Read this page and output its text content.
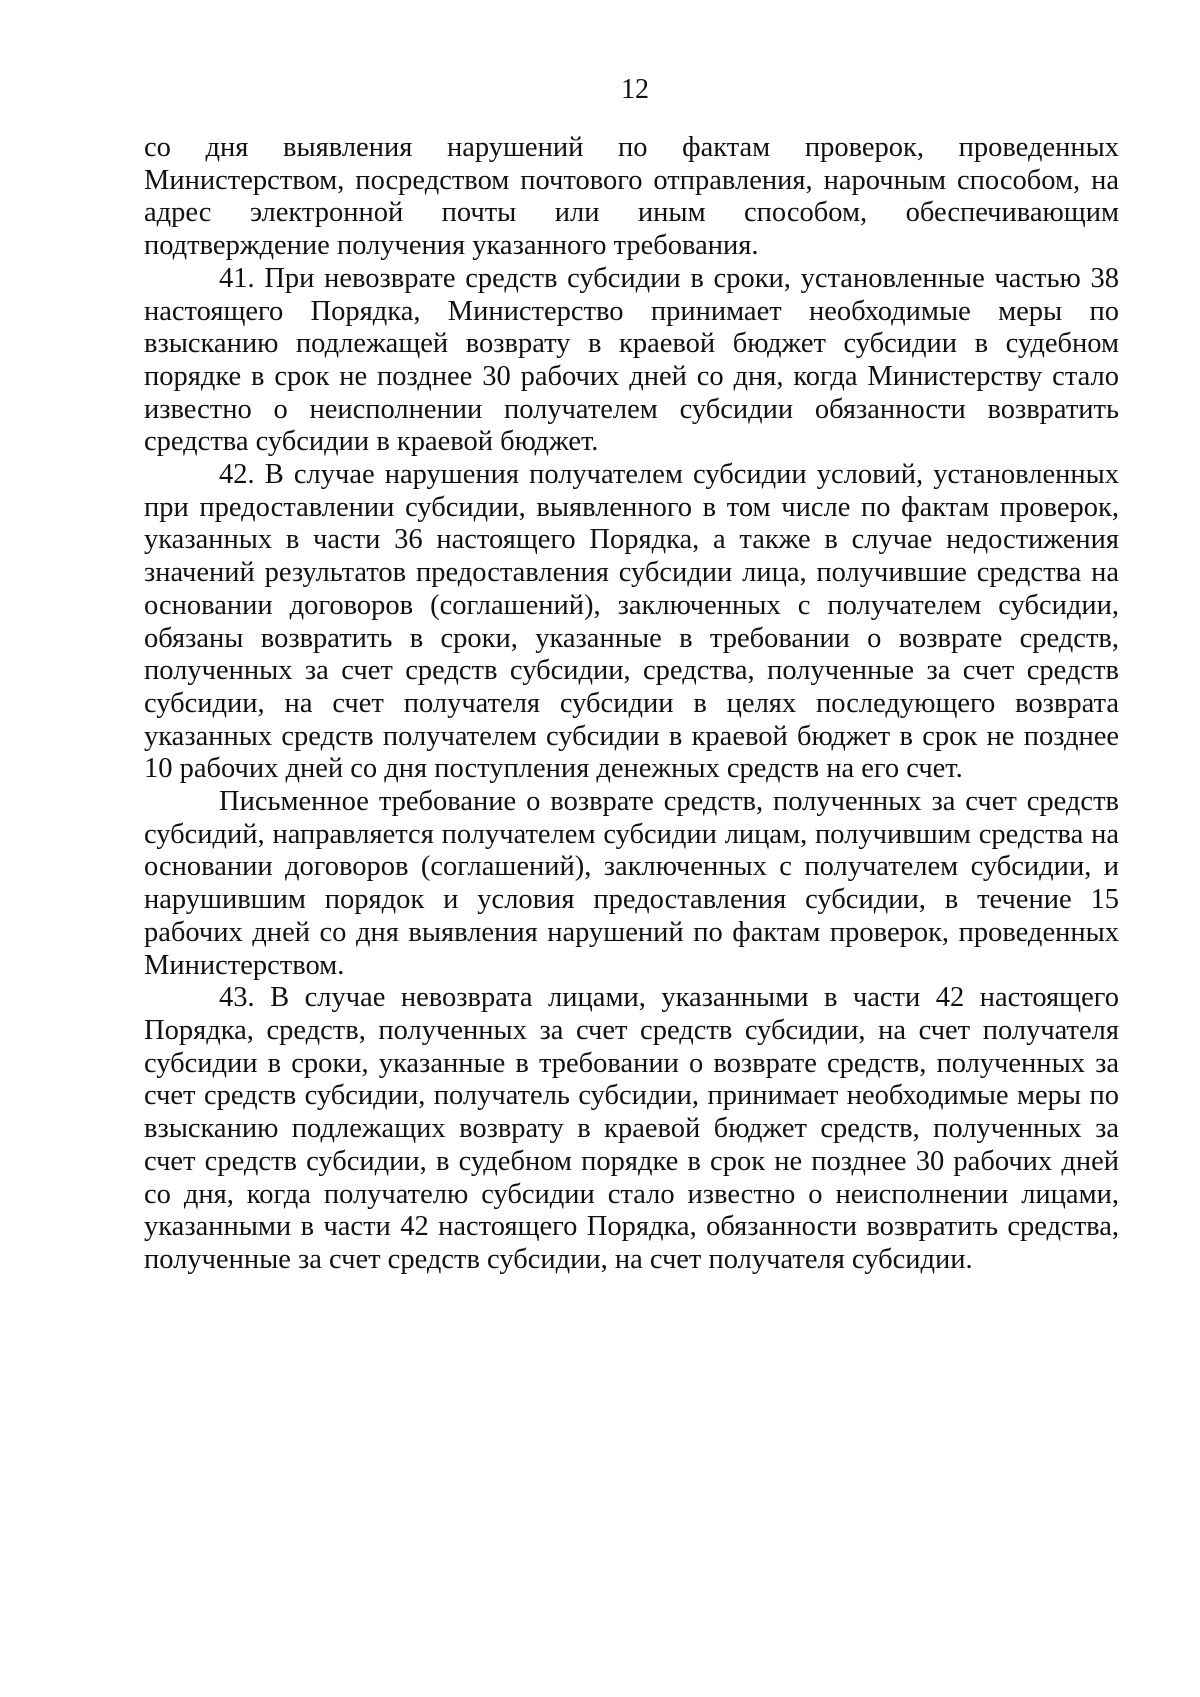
12

со дня выявления нарушений по фактам проверок, проведенных Министерством, посредством почтового отправления, нарочным способом, на адрес электронной почты или иным способом, обеспечивающим подтверждение получения указанного требования.

41. При невозврате средств субсидии в сроки, установленные частью 38 настоящего Порядка, Министерство принимает необходимые меры по взысканию подлежащей возврату в краевой бюджет субсидии в судебном порядке в срок не позднее 30 рабочих дней со дня, когда Министерству стало известно о неисполнении получателем субсидии обязанности возвратить средства субсидии в краевой бюджет.

42. В случае нарушения получателем субсидии условий, установленных при предоставлении субсидии, выявленного в том числе по фактам проверок, указанных в части 36 настоящего Порядка, а также в случае недостижения значений результатов предоставления субсидии лица, получившие средства на основании договоров (соглашений), заключенных с получателем субсидии, обязаны возвратить в сроки, указанные в требовании о возврате средств, полученных за счет средств субсидии, средства, полученные за счет средств субсидии, на счет получателя субсидии в целях последующего возврата указанных средств получателем субсидии в краевой бюджет в срок не позднее 10 рабочих дней со дня поступления денежных средств на его счет.

Письменное требование о возврате средств, полученных за счет средств субсидий, направляется получателем субсидии лицам, получившим средства на основании договоров (соглашений), заключенных с получателем субсидии, и нарушившим порядок и условия предоставления субсидии, в течение 15 рабочих дней со дня выявления нарушений по фактам проверок, проведенных Министерством.

43. В случае невозврата лицами, указанными в части 42 настоящего Порядка, средств, полученных за счет средств субсидии, на счет получателя субсидии в сроки, указанные в требовании о возврате средств, полученных за счет средств субсидии, получатель субсидии, принимает необходимые меры по взысканию подлежащих возврату в краевой бюджет средств, полученных за счет средств субсидии, в судебном порядке в срок не позднее 30 рабочих дней со дня, когда получателю субсидии стало известно о неисполнении лицами, указанными в части 42 настоящего Порядка, обязанности возвратить средства, полученные за счет средств субсидии, на счет получателя субсидии.
